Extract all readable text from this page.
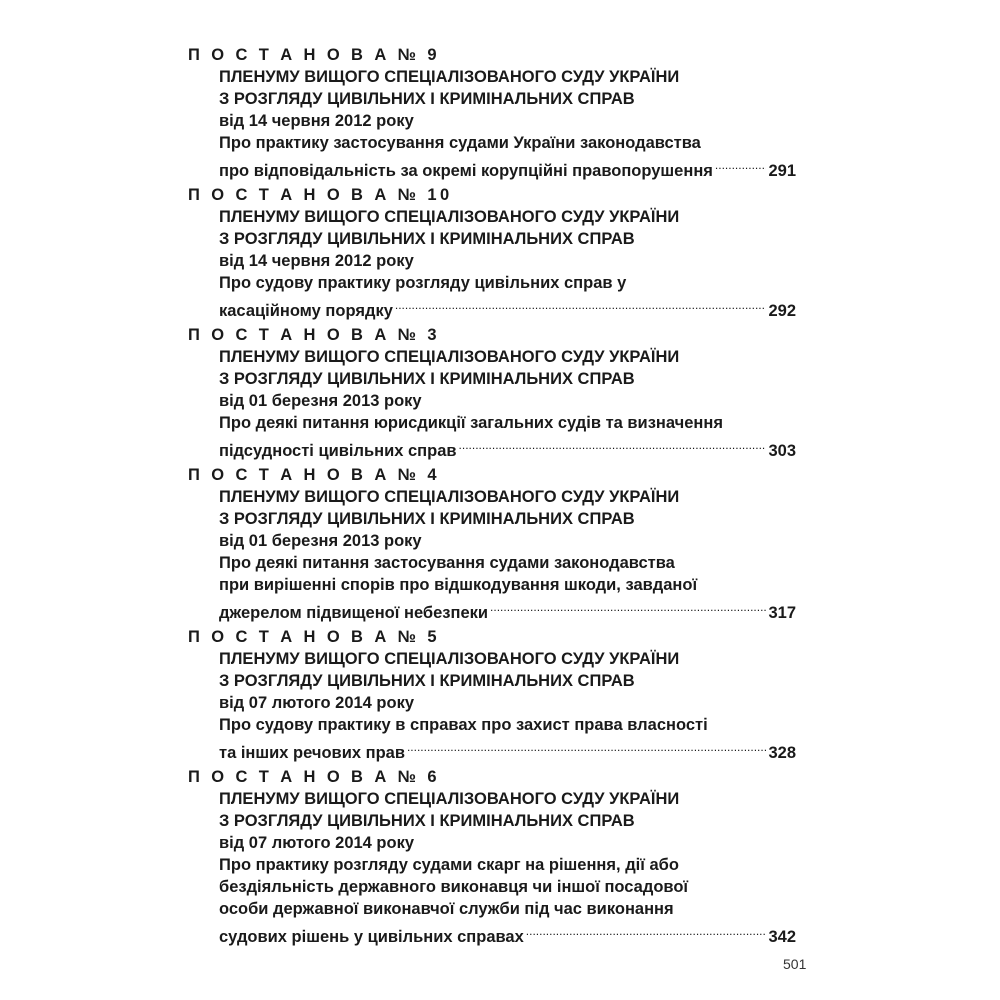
П О С Т А Н О В А № 9
ПЛЕНУМУ ВИЩОГО СПЕЦІАЛІЗОВАНОГО СУДУ УКРАЇНИ
З РОЗГЛЯДУ ЦИВІЛЬНИХ І КРИМІНАЛЬНИХ СПРАВ
від 14 червня 2012 року
Про практику застосування судами України законодавства
про відповідальність за окремі корупційні правопорушення .....	291
П О С Т А Н О В А № 10
ПЛЕНУМУ ВИЩОГО СПЕЦІАЛІЗОВАНОГО СУДУ УКРАЇНИ
З РОЗГЛЯДУ ЦИВІЛЬНИХ І КРИМІНАЛЬНИХ СПРАВ
від 14 червня 2012 року
Про судову практику розгляду цивільних справ у
касаційному порядку .....	292
П О С Т А Н О В А № 3
ПЛЕНУМУ ВИЩОГО СПЕЦІАЛІЗОВАНОГО СУДУ УКРАЇНИ
З РОЗГЛЯДУ ЦИВІЛЬНИХ І КРИМІНАЛЬНИХ СПРАВ
від 01 березня 2013 року
Про деякі питання юрисдикції загальних судів та визначення
підсудності цивільних справ .....	303
П О С Т А Н О В А № 4
ПЛЕНУМУ ВИЩОГО СПЕЦІАЛІЗОВАНОГО СУДУ УКРАЇНИ
З РОЗГЛЯДУ ЦИВІЛЬНИХ І КРИМІНАЛЬНИХ СПРАВ
від 01 березня 2013 року
Про деякі питання застосування судами законодавства
при вирішенні спорів про відшкодування шкоди, завданої
джерелом підвищеної небезпеки .....	317
П О С Т А Н О В А № 5
ПЛЕНУМУ ВИЩОГО СПЕЦІАЛІЗОВАНОГО СУДУ УКРАЇНИ
З РОЗГЛЯДУ ЦИВІЛЬНИХ І КРИМІНАЛЬНИХ СПРАВ
від 07 лютого 2014 року
Про судову практику в справах про захист права власності
та інших речових прав .....	328
П О С Т А Н О В А № 6
ПЛЕНУМУ ВИЩОГО СПЕЦІАЛІЗОВАНОГО СУДУ УКРАЇНИ
З РОЗГЛЯДУ ЦИВІЛЬНИХ І КРИМІНАЛЬНИХ СПРАВ
від 07 лютого 2014 року
Про практику розгляду судами скарг на рішення, дії або
бездіяльність державного виконавця чи іншої посадової
особи державної виконавчої служби під час виконання
судових рішень у цивільних справах .....	342
501
